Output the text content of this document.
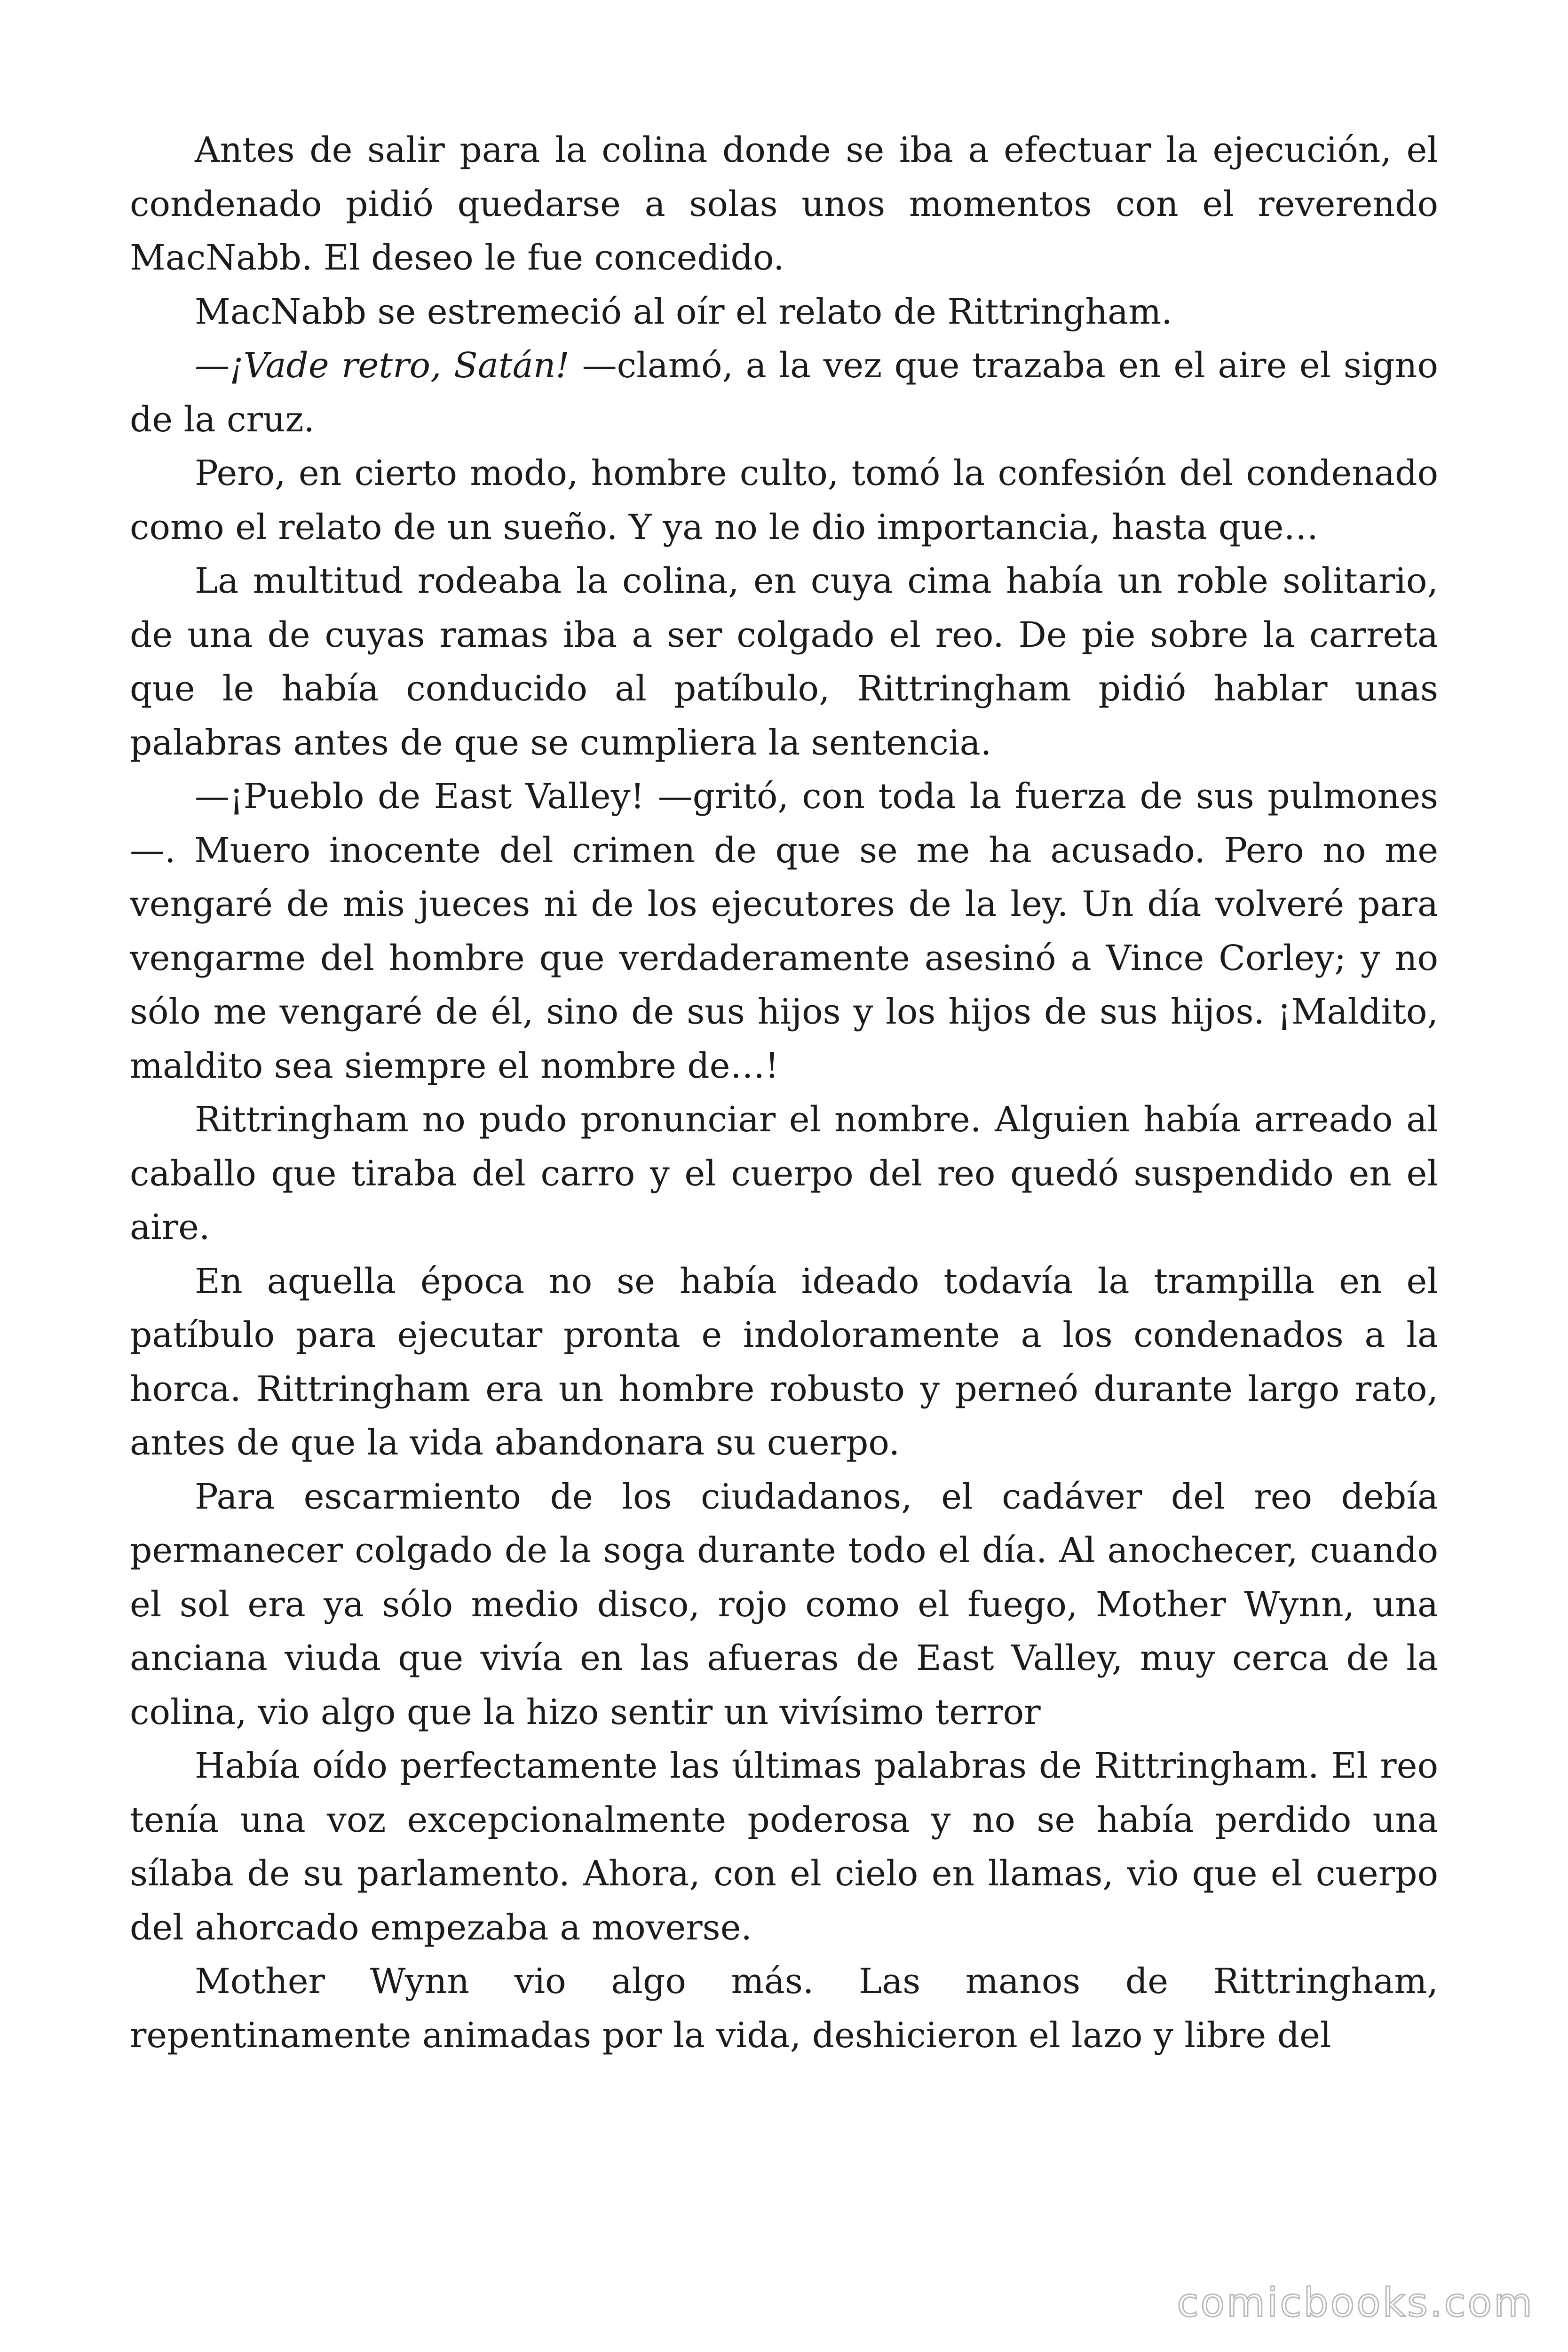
Antes de salir para la colina donde se iba a efectuar la ejecución, el condenado pidió quedarse a solas unos momentos con el reverendo MacNabb. El deseo le fue concedido.

MacNabb se estremeció al oír el relato de Rittringham.

—¡Vade retro, Satán! —clamó, a la vez que trazaba en el aire el signo de la cruz.

Pero, en cierto modo, hombre culto, tomó la confesión del condenado como el relato de un sueño. Y ya no le dio importancia, hasta que…

La multitud rodeaba la colina, en cuya cima había un roble solitario, de una de cuyas ramas iba a ser colgado el reo. De pie sobre la carreta que le había conducido al patíbulo, Rittringham pidió hablar unas palabras antes de que se cumpliera la sentencia.

—¡Pueblo de East Valley! —gritó, con toda la fuerza de sus pulmones—. Muero inocente del crimen de que se me ha acusado. Pero no me vengaré de mis jueces ni de los ejecutores de la ley. Un día volveré para vengarme del hombre que verdaderamente asesinó a Vince Corley; y no sólo me vengaré de él, sino de sus hijos y los hijos de sus hijos. ¡Maldito, maldito sea siempre el nombre de…!

Rittringham no pudo pronunciar el nombre. Alguien había arreado al caballo que tiraba del carro y el cuerpo del reo quedó suspendido en el aire.

En aquella época no se había ideado todavía la trampilla en el patíbulo para ejecutar pronta e indoloramente a los condenados a la horca. Rittringham era un hombre robusto y perneó durante largo rato, antes de que la vida abandonara su cuerpo.

Para escarmiento de los ciudadanos, el cadáver del reo debía permanecer colgado de la soga durante todo el día. Al anochecer, cuando el sol era ya sólo medio disco, rojo como el fuego, Mother Wynn, una anciana viuda que vivía en las afueras de East Valley, muy cerca de la colina, vio algo que la hizo sentir un vivísimo terror

Había oído perfectamente las últimas palabras de Rittringham. El reo tenía una voz excepcionalmente poderosa y no se había perdido una sílaba de su parlamento. Ahora, con el cielo en llamas, vio que el cuerpo del ahorcado empezaba a moverse.

Mother Wynn vio algo más. Las manos de Rittringham, repentinamente animadas por la vida, deshicieron el lazo y libre del

comicbooks.com
